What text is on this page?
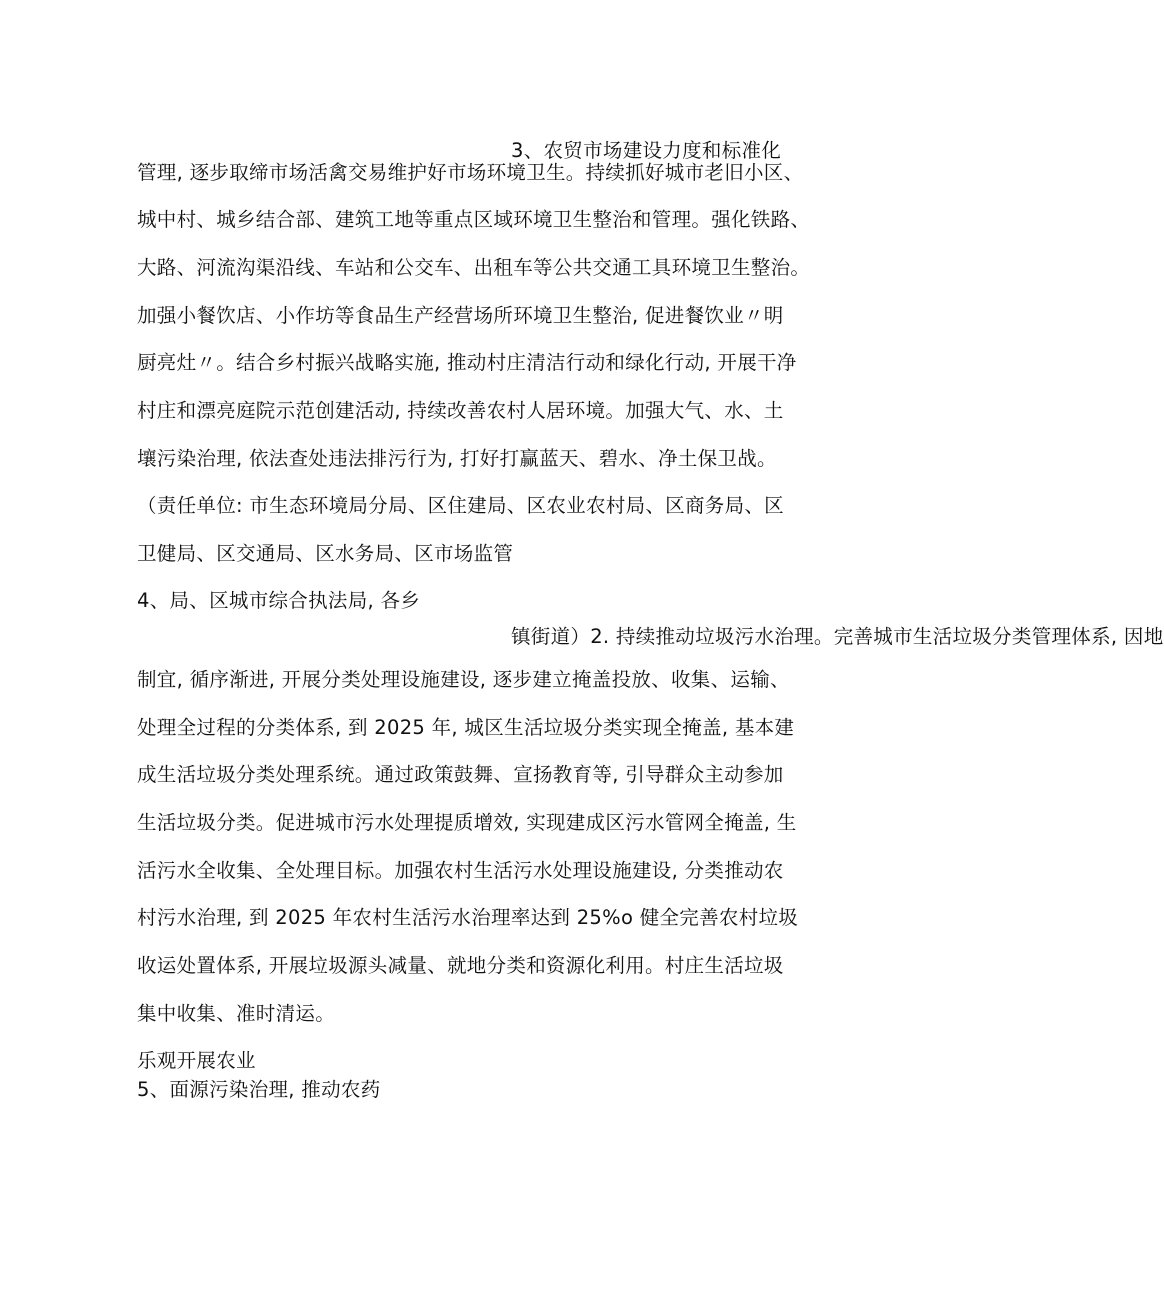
3、农贸市场建设力度和标准化
管理, 逐步取缔市场活禽交易维护好市场环境卫生。持续抓好城市老旧小区、
城中村、城乡结合部、建筑工地等重点区域环境卫生整治和管理。强化铁路、
大路、河流沟渠沿线、车站和公交车、出租车等公共交通工具环境卫生整治。
加强小餐饮店、小作坊等食品生产经营场所环境卫生整治, 促进餐饮业〃明
厨亮灶〃。结合乡村振兴战略实施, 推动村庄清洁行动和绿化行动, 开展干净
村庄和漂亮庭院示范创建活动, 持续改善农村人居环境。加强大气、水、土
壤污染治理, 依法查处违法排污行为, 打好打赢蓝天、碧水、净土保卫战。
（责任单位: 市生态环境局分局、区住建局、区农业农村局、区商务局、区
卫健局、区交通局、区水务局、区市场监管
4、局、区城市综合执法局, 各乡
镇街道）2. 持续推动垃圾污水治理。完善城市生活垃圾分类管理体系, 因地
制宜, 循序渐进, 开展分类处理设施建设, 逐步建立掩盖投放、收集、运输、
处理全过程的分类体系, 到 2025 年, 城区生活垃圾分类实现全掩盖, 基本建
成生活垃圾分类处理系统。通过政策鼓舞、宣扬教育等, 引导群众主动参加
生活垃圾分类。促进城市污水处理提质增效, 实现建成区污水管网全掩盖, 生
活污水全收集、全处理目标。加强农村生活污水处理设施建设, 分类推动农
村污水治理, 到 2025 年农村生活污水治理率达到 25%o 健全完善农村垃圾
收运处置体系, 开展垃圾源头减量、就地分类和资源化利用。村庄生活垃圾
集中收集、准时清运。
乐观开展农业
5、面源污染治理, 推动农药
